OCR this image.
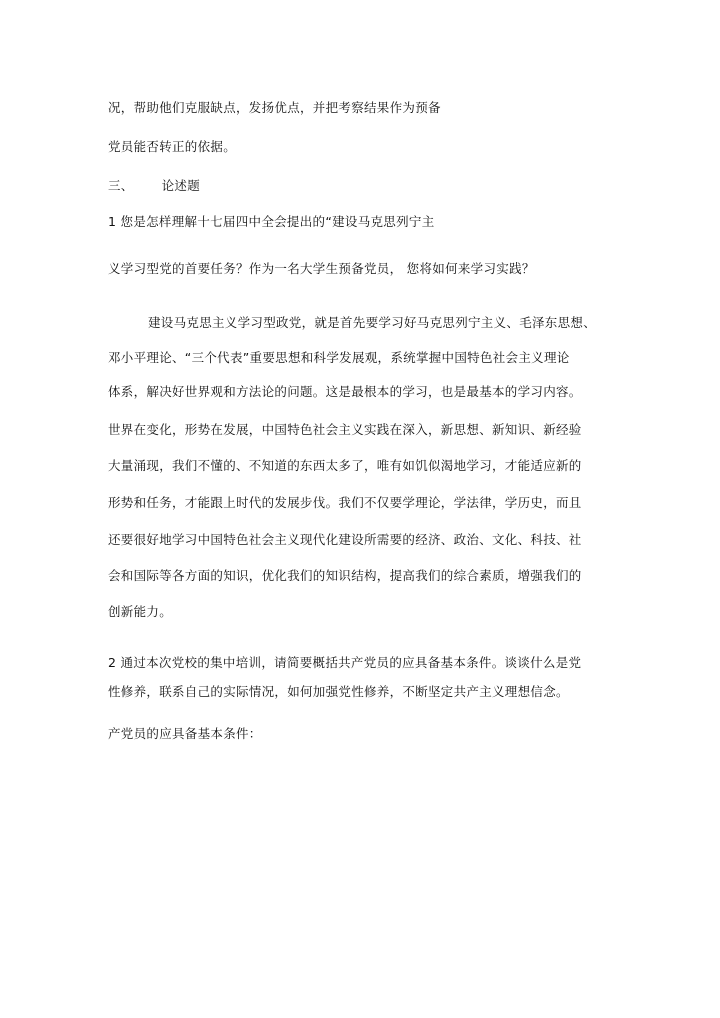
况，帮助他们克服缺点，发扬优点，并把考察结果作为预备
党员能否转正的依据。
三、 论述题
1 您是怎样理解十七届四中全会提出的“建设马克思列宁主
义学习型党的首要任务？作为一名大学生预备党员， 您将如何来学习实践？
建设马克思主义学习型政党，就是首先要学习好马克思列宁主义、毛泽东思想、
邓小平理论、“三个代表”重要思想和科学发展观，系统掌握中国特色社会主义理论
体系，解决好世界观和方法论的问题。这是最根本的学习，也是最基本的学习内容。
世界在变化，形势在发展，中国特色社会主义实践在深入，新思想、新知识、新经验
大量涌现，我们不懂的、不知道的东西太多了，唯有如饥似渴地学习，才能适应新的
形势和任务，才能跟上时代的发展步伐。我们不仅要学理论，学法律，学历史，而且
还要很好地学习中国特色社会主义现代化建设所需要的经济、政治、文化、科技、社
会和国际等各方面的知识，优化我们的知识结构，提高我们的综合素质，增强我们的
创新能力。
2 通过本次党校的集中培训，请简要概括共产党员的应具备基本条件。谈谈什么是党
性修养，联系自己的实际情况，如何加强党性修养，不断坚定共产主义理想信念。
产党员的应具备基本条件：
